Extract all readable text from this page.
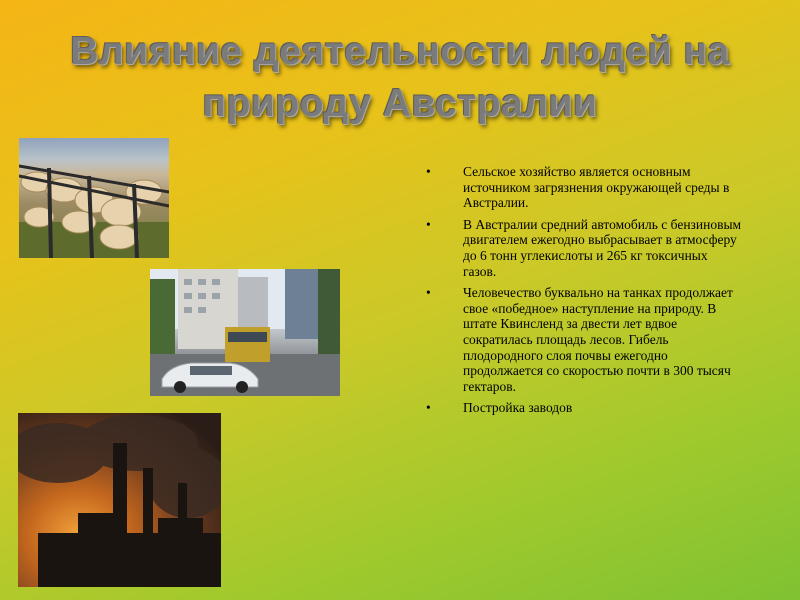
Влияние деятельности людей на природу Австралии
• Сельское хозяйство является основным источником загрязнения окружающей среды в Австралии.
• В Австралии средний автомобиль с бензиновым двигателем ежегодно выбрасывает в атмосферу до 6 тонн углекислоты и 265 кг токсичных газов.
• Человечество буквально на танках продолжает свое «победное» наступление на природу. В штате Квинсленд за двести лет вдвое сократилась площадь лесов. Гибель плодородного слоя почвы ежегодно продолжается со скоростью почти в 300 тысяч гектаров.
• Постройка заводов
